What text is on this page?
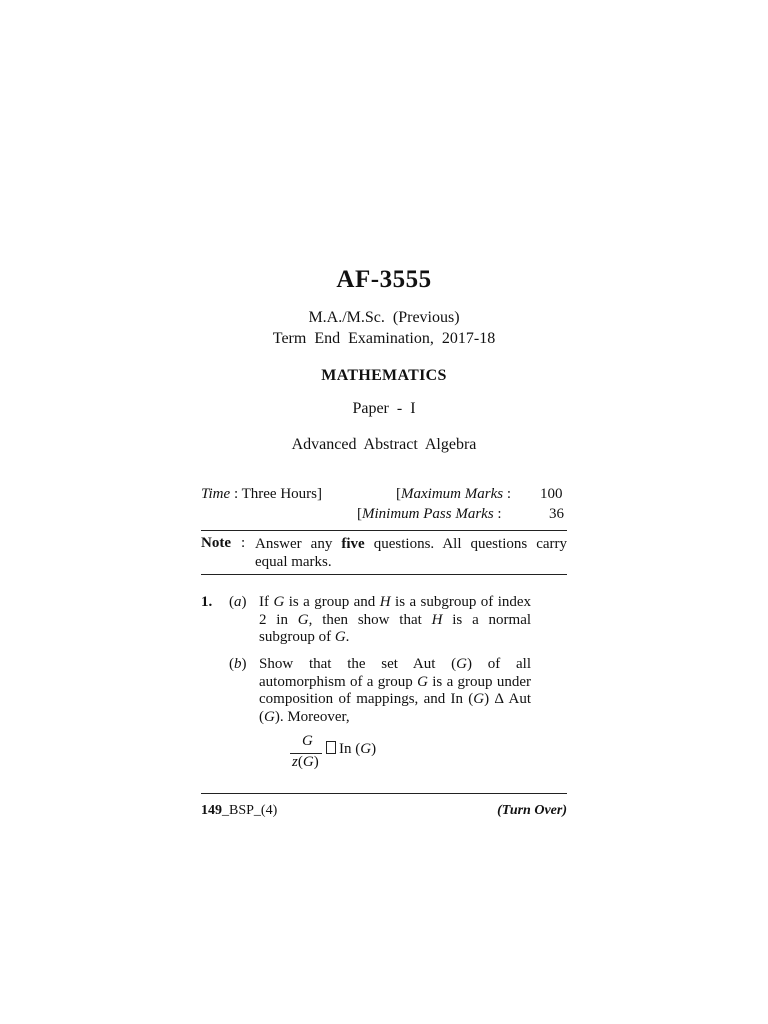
AF-3555
M.A./M.Sc. (Previous)
Term End Examination, 2017-18
MATHEMATICS
Paper - I
Advanced Abstract Algebra
Time : Three Hours]	[Maximum Marks : 100
[Minimum Pass Marks :	36
Note : Answer any five questions. All questions carry equal marks.
1. (a) If G is a group and H is a subgroup of index 2 in G, then show that H is a normal subgroup of G.
(b) Show that the set Aut (G) of all automorphism of a group G is a group under composition of mappings, and In (G) Δ Aut (G). Moreover,
G
z(G)
In (G)
149_BSP_(4)	(Turn Over)
